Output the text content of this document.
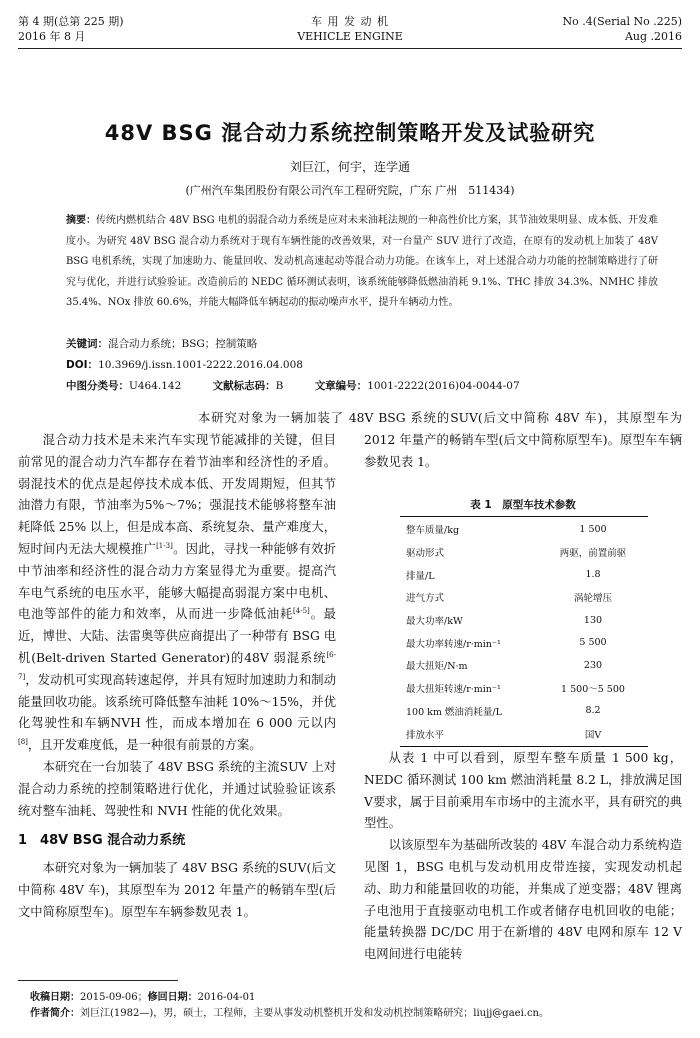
第 4 期(总第 225 期)
2016 年 8 月
车 用 发 动 机
VEHICLE ENGINE
No .4(Serial No .225)
Aug .2016
48V BSG 混合动力系统控制策略开发及试验研究
刘巨江，何宇，连学通
(广州汽车集团股份有限公司汽车工程研究院，广东 广州　511434)
摘要：传统内燃机结合 48V BSG 电机的弱混合动力系统是应对未来油耗法规的一种高性价比方案，其节油效果明显、成本低、开发难度小。为研究 48V BSG 混合动力系统对于现有车辆性能的改善效果，对一台量产 SUV 进行了改造，在原有的发动机上加装了 48V BSG 电机系统，实现了加速助力、能量回收、发动机高速起动等混合动力功能。在该车上，对上述混合动力功能的控制策略进行了研究与优化，并进行试验验证。改造前后的 NEDC 循环测试表明，该系统能够降低燃油消耗 9.1%、THC 排放 34.3%、NMHC 排放 35.4%、NOx 排放 60.6%，并能大幅降低车辆起动的振动噪声水平，提升车辆动力性。
关键词：混合动力系统；BSG；控制策略
DOI：10.3969/j.issn.1001-2222.2016.04.008
中图分类号：U464.142	文献标志码：B	文章编号：1001-2222(2016)04-0044-07

混合动力技术是未来汽车实现节能减排的关键，但目前常见的混合动力汽车都存在着节油率和经济性的矛盾。弱混技术的优点是起停技术成本低、开发周期短，但其节油潜力有限，节油率为5%～7%；强混技术能够将整车油耗降低 25% 以上，但是成本高、系统复杂、量产难度大，短时间内无法大规模推广[1-3]。因此，寻找一种能够有效折中节油率和经济性的混合动力方案显得尤为重要。提高汽车电气系统的电压水平，能够大幅提高弱混方案中电机、电池等部件的能力和效率，从而进一步降低油耗[4-5]。最近，博世、大陆、法雷奥等供应商提出了一种带有 BSG 电机(Belt-driven Started Generator)的48V 弱混系统[6-7]，发动机可实现高转速起停，并具有短时加速助力和制动能量回收功能。该系统可降低整车油耗 10%～15%，并优化驾驶性和车辆NVH 性，而成本增加在 6 000 元以内[8]，且开发难度低，是一种很有前景的方案。

本研究在一台加装了 48V BSG 系统的主流SUV 上对混合动力系统的控制策略进行优化，并通过试验验证该系统对整车油耗、驾驶性和 NVH 性能的优化效果。

1　48V BSG 混合动力系统

本研究对象为一辆加装了 48V BSG 系统的SUV(后文中简称 48V 车)，其原型车为 2012 年量产的畅销车型(后文中简称原型车)。原型车车辆参数见表 1。

本研究对象为一辆加装了 48V BSG 系统的SUV(后文中简称 48V 车)，其原型车为 2012 年量产的畅销车型(后文中简称原型车)。原型车车辆参数见表 1。

表 1　原型车技术参数
整车质量/kg	1 500
驱动形式	两驱，前置前驱
排量/L	1.8
进气方式	涡轮增压
最大功率/kW	130
最大功率转速/r·min⁻¹	5 500
最大扭矩/N·m	230
最大扭矩转速/r·min⁻¹	1 500～5 500
100 km 燃油消耗量/L	8.2
排放水平	国Ⅴ

从表 1 中可以看到，原型车整车质量 1 500 kg，NEDC 循环测试 100 km 燃油消耗量 8.2 L，排放满足国Ⅴ要求，属于目前乘用车市场中的主流水平，具有研究的典型性。

以该原型车为基础所改装的 48V 车混合动力系统构造见图 1，BSG 电机与发动机用皮带连接，实现发动机起动、助力和能量回收的功能，并集成了逆变器；48V 锂离子电池用于直接驱动电机工作或者储存电机回收的电能；能量转换器 DC/DC 用于在新增的 48V 电网和原车 12 V 电网间进行电能转

收稿日期：2015-09-06；修回日期：2016-04-01
作者简介：刘巨江(1982—)，男，硕士，工程师，主要从事发动机整机开发和发动机控制策略研究；liujj@gaei.cn。
